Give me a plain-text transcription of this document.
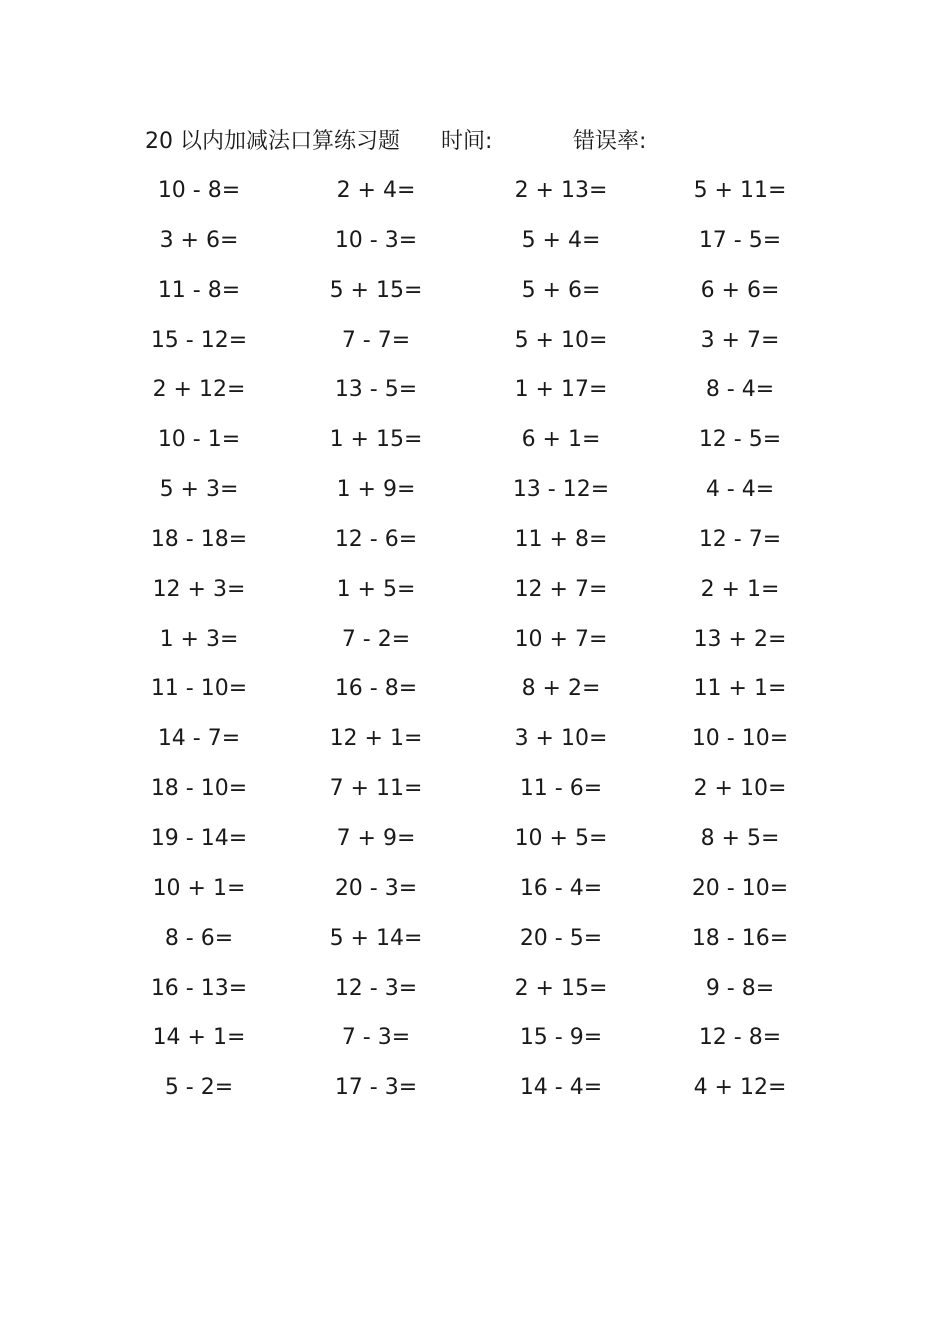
20 以内加减法口算练习题 时间:	错误率:
10 - 8=	2 + 4=	2 + 13=	5 + 11=
3 + 6=	10 - 3=	5 + 4=	17 - 5=
11 - 8=	5 + 15=	5 + 6=	6 + 6=
15 - 12=	7 - 7=	5 + 10=	3 + 7=
2 + 12=	13 - 5=	1 + 17=	8 - 4=
10 - 1=	1 + 15=	6 + 1=	12 - 5=
5 + 3=	1 + 9=	13 - 12=	4 - 4=
18 - 18=	12 - 6=	11 + 8=	12 - 7=
12 + 3=	1 + 5=	12 + 7=	2 + 1=
1 + 3=	7 - 2=	10 + 7=	13 + 2=
11 - 10=	16 - 8=	8 + 2=	11 + 1=
14 - 7=	12 + 1=	3 + 10=	10 - 10=
18 - 10=	7 + 11=	11 - 6=	2 + 10=
19 - 14=	7 + 9=	10 + 5=	8 + 5=
10 + 1=	20 - 3=	16 - 4=	20 - 10=
8 - 6=	5 + 14=	20 - 5=	18 - 16=
16 - 13=	12 - 3=	2 + 15=	9 - 8=
14 + 1=	7 - 3=	15 - 9=	12 - 8=
5 - 2=	17 - 3=	14 - 4=	4 + 12=
